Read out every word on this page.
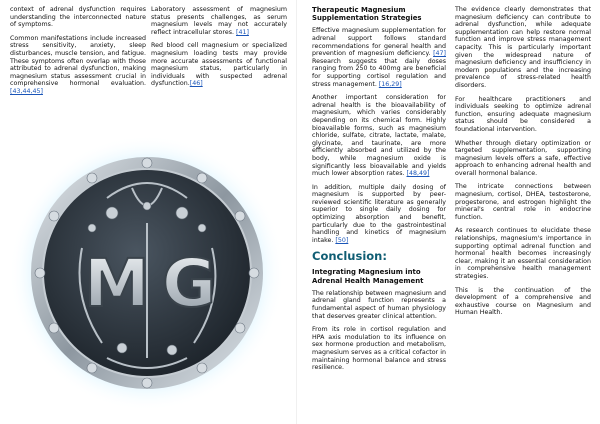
context of adrenal dysfunction requires understanding the interconnected nature of symptoms.

Common manifestations include increased stress sensitivity, anxiety, sleep disturbances, muscle tension, and fatigue. These symptoms often overlap with those attributed to adrenal dysfunction, making magnesium status assessment crucial in comprehensive hormonal evaluation. [43,44,45]

Laboratory assessment of magnesium status presents challenges, as serum magnesium levels may not accurately reflect intracellular stores. [41]

Red blood cell magnesium or specialized magnesium loading tests may provide more accurate assessments of functional magnesium status, particularly in individuals with suspected adrenal dysfunction.[46]

M G
Therapeutic Magnesium Supplementation Strategies

Effective magnesium supplementation for adrenal support follows standard recommendations for general health and prevention of magnesium deficiency. [47] Research suggests that daily doses ranging from 250 to 400mg are beneficial for supporting cortisol regulation and stress management. [16,29]

Another important consideration for adrenal health is the bioavailability of magnesium, which varies considerably depending on its chemical form. Highly bioavailable forms, such as magnesium chloride, sulfate, citrate, lactate, malate, glycinate, and taurinate, are more efficiently absorbed and utilized by the body, while magnesium oxide is significantly less bioavailable and yields much lower absorption rates. [48,49]

In addition, multiple daily dosing of magnesium is supported by peer-reviewed scientific literature as generally superior to single daily dosing for optimizing absorption and benefit, particularly due to the gastrointestinal handling and kinetics of magnesium intake. [50]

Conclusion:
Integrating Magnesium into Adrenal Health Management

The relationship between magnesium and adrenal gland function represents a fundamental aspect of human physiology that deserves greater clinical attention.

From its role in cortisol regulation and HPA axis modulation to its influence on sex hormone production and metabolism, magnesium serves as a critical cofactor in maintaining hormonal balance and stress resilience.

The evidence clearly demonstrates that magnesium deficiency can contribute to adrenal dysfunction, while adequate supplementation can help restore normal function and improve stress management capacity. This is particularly important given the widespread nature of magnesium deficiency and insufficiency in modern populations and the increasing prevalence of stress-related health disorders.

For healthcare practitioners and individuals seeking to optimize adrenal function, ensuring adequate magnesium status should be considered a foundational intervention.

Whether through dietary optimization or targeted supplementation, supporting magnesium levels offers a safe, effective approach to enhancing adrenal health and overall hormonal balance.

The intricate connections between magnesium, cortisol, DHEA, testosterone, progesterone, and estrogen highlight the mineral's central role in endocrine function.

As research continues to elucidate these relationships, magnesium's importance in supporting optimal adrenal function and hormonal health becomes increasingly clear, making it an essential consideration in comprehensive health management strategies.

This is the continuation of the development of a comprehensive and exhaustive course on Magnesium and Human Health.
